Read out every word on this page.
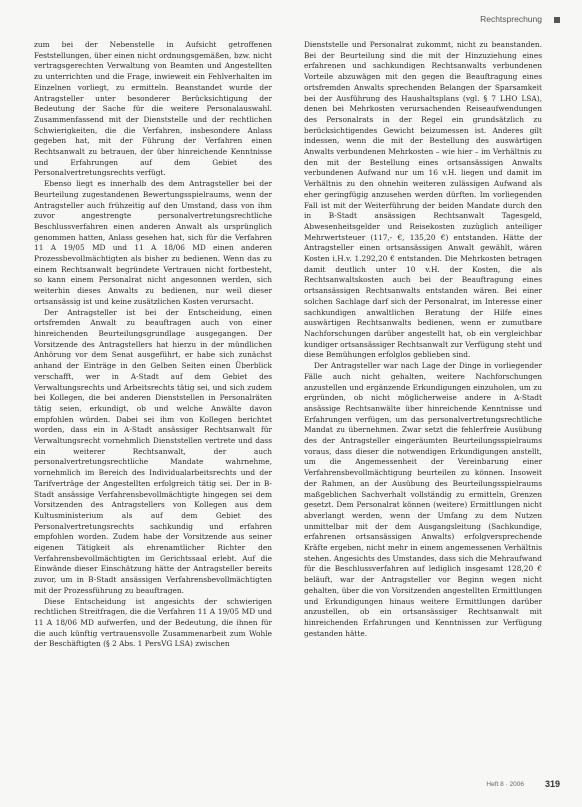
Rechtsprechung

zum bei der Nebenstelle in Aufsicht getroffenen Feststellungen, über einen nicht ordnungsgemäßen, bzw. nicht vertragsgerechten Verwaltung von Beamten und Angestellten zu unterrichten und die Frage, inwieweit ein Fehlverhalten im Einzelnen vorliegt, zu ermitteln. Beanstandet wurde der Antragsteller unter besonderer Berücksichtigung der Bedeutung der Sache für die weitere Personalauswahl. Zusammenfassend mit der Dienststelle und der rechtlichen Schwierigkeiten, die die Verfahren, insbesondere Anlass gegeben hat, mit der Führung der Verfahren einen Rechtsanwalt zu betrauen, der über hinreichende Kenntnisse und Erfahrungen auf dem Gebiet des Personalvertretungsrechts verfügt.

Ebenso liegt es innerhalb des dem Antragsteller bei der Beurteilung zugestandenen Bewertungsspielraums, wenn der Antragsteller auch frühzeitig auf den Umstand, dass von ihm zuvor angestrengte personalvertretungsrechtliche Beschlussverfahren einen anderen Anwalt als ursprünglich genommen hatten, Anlass gesehen hat, sich für die Verfahren 11 A 19/05 MD und 11 A 18/06 MD einen anderen Prozessbevollmächtigten als bisher zu bedienen. Wenn das zu einem Rechtsanwalt begründete Vertrauen nicht fortbesteht, so kann einem Personalrat nicht angesonnen werden, sich weiterhin dieses Anwalts zu bedienen, nur weil dieser ortsansässig ist und keine zusätzlichen Kosten verursacht.

Der Antragsteller ist bei der Entscheidung, einen ortsfremden Anwalt zu beauftragen auch von einer hinreichenden Beurteilungsgrundlage ausgegangen. Der Vorsitzende des Antragstellers hat hierzu in der mündlichen Anhörung vor dem Senat ausgeführt, er habe sich zunächst anhand der Einträge in den Gelben Seiten einen Überblick verschafft, wer in A-Stadt auf dem Gebiet des Verwaltungsrechts und Arbeitsrechts tätig sei, und sich zudem bei Kollegen, die bei anderen Dienststellen in Personalräten tätig seien, erkundigt, ob und welche Anwälte davon empfohlen würden. Dabei sei ihm von Kollegen berichtet worden, dass ein in A-Stadt ansässiger Rechtsanwalt für Verwaltungsrecht vornehmlich Dienststellen vertrete und dass ein weiterer Rechtsanwalt, der auch personalvertretungsrechtliche Mandate wahrnehme, vornehmlich im Bereich des Individualarbeitsrechts und der Tarifverträge der Angestellten erfolgreich tätig sei. Der in B-Stadt ansässige Verfahrensbevollmächtigte hingegen sei dem Vorsitzenden des Antragstellers von Kollegen aus dem Kultusministerium als auf dem Gebiet des Personalvertretungsrechts sachkundig und erfahren empfohlen worden. Zudem habe der Vorsitzende aus seiner eigenen Tätigkeit als ehrenamtlicher Richter den Verfahrensbevollmächtigten im Gerichtssaal erlebt. Auf die Einwände dieser Einschätzung hätte der Antragsteller bereits zuvor, um in B-Stadt ansässigen Verfahrensbevollmächtigten mit der Prozessführung zu beauftragen.

Diese Entscheidung ist angesichts der schwierigen rechtlichen Streitfragen, die die Verfahren 11 A 19/05 MD und 11 A 18/06 MD aufwerfen, und der Bedeutung, die ihnen für die auch künftig vertrauensvolle Zusammenarbeit zum Wohle der Beschäftigten (§ 2 Abs. 1 PersVG LSA) zwischen

Dienststelle und Personalrat zukommt, nicht zu beanstanden. Bei der Beurteilung sind die mit der Hinzuziehung eines erfahrenen und sachkundigen Rechtsanwalts verbundenen Vorteile abzuwägen mit den gegen die Beauftragung eines ortsfremden Anwalts sprechenden Belangen der Sparsamkeit bei der Ausführung des Haushaltsplans (vgl. § 7 LHO LSA), denen bei Mehrkosten verursachenden Reiseaufwendungen des Personalrats in der Regel ein grundsätzlich zu berücksichtigendes Gewicht beizumessen ist. Anderes gilt indessen, wenn die mit der Bestellung des auswärtigen Anwalts verbundenen Mehrkosten – wie hier – im Verhältnis zu den mit der Bestellung eines ortsansässigen Anwalts verbundenen Aufwand nur um 16 v.H. liegen und damit im Verhältnis zu den ohnehin weiteren zulässigen Aufwand als eher geringfügig anzusehen werden dürften. Im vorliegenden Fall ist mit der Weiterführung der beiden Mandate durch den in B-Stadt ansässigen Rechtsanwalt Tagesgeld, Abwesenheitsgelder und Reisekosten zuzüglich anteiliger Mehrwertsteuer (117,- €, 135,20 €) entstanden. Hätte der Antragsteller einen ortsansässigen Anwalt gewählt, wären Kosten i.H.v. 1.292,20 € entstanden. Die Mehrkosten betragen damit deutlich unter 10 v.H. der Kosten, die als Rechtsanwaltskosten auch bei der Beauftragung eines ortsansässigen Rechtsanwalts entstanden wären. Bei einer solchen Sachlage darf sich der Personalrat, im Interesse einer sachkundigen anwaltlichen Beratung der Hilfe eines auswärtigen Rechtsanwalts bedienen, wenn er zumutbare Nachforschungen darüber angestellt hat, ob ein vergleichbar kundiger ortsansässiger Rechtsanwalt zur Verfügung steht und diese Bemühungen erfolglos geblieben sind.

Der Antragsteller war nach Lage der Dinge in vorliegender Fälle auch nicht gehalten, weitere Nachforschungen anzustellen und ergänzende Erkundigungen einzuholen, um zu ergründen, ob nicht möglicherweise andere in A-Stadt ansässige Rechtsanwälte über hinreichende Kenntnisse und Erfahrungen verfügen, um das personalvertretungsrechtliche Mandat zu übernehmen. Zwar setzt die fehlerfreie Ausübung des der Antragsteller eingeräumten Beurteilungsspielraums voraus, dass dieser die notwendigen Erkundigungen anstellt, um die Angemessenheit der Vereinbarung einer Verfahrensbevollmächtigung beurteilen zu können. Insoweit der Rahmen, an der Ausübung des Beurteilungsspielraums maßgeblichen Sachverhalt vollständig zu ermitteln, Grenzen gesetzt. Dem Personalrat können (weitere) Ermittlungen nicht abverlangt werden, wenn der Umfang zu dem Nutzen unmittelbar mit der dem Ausgangsleitung (Sachkundige, erfahrenen ortsansässigen Anwalts) erfolgversprechende Kräfte ergeben, nicht mehr in einem angemessenen Verhältnis stehen. Angesichts des Umstandes, dass sich die Mehraufwand für die Beschlussverfahren auf lediglich insgesamt 128,20 € beläuft, war der Antragsteller vor Beginn wegen nicht gehalten, über die von Vorsitzenden angestellten Ermittlungen und Erkundigungen hinaus weitere Ermittlungen darüber anzustellen, ob ein ortsansässiger Rechtsanwalt mit hinreichenden Erfahrungen und Kenntnissen zur Verfügung gestanden hätte.

Heft 8 · 2006 319
